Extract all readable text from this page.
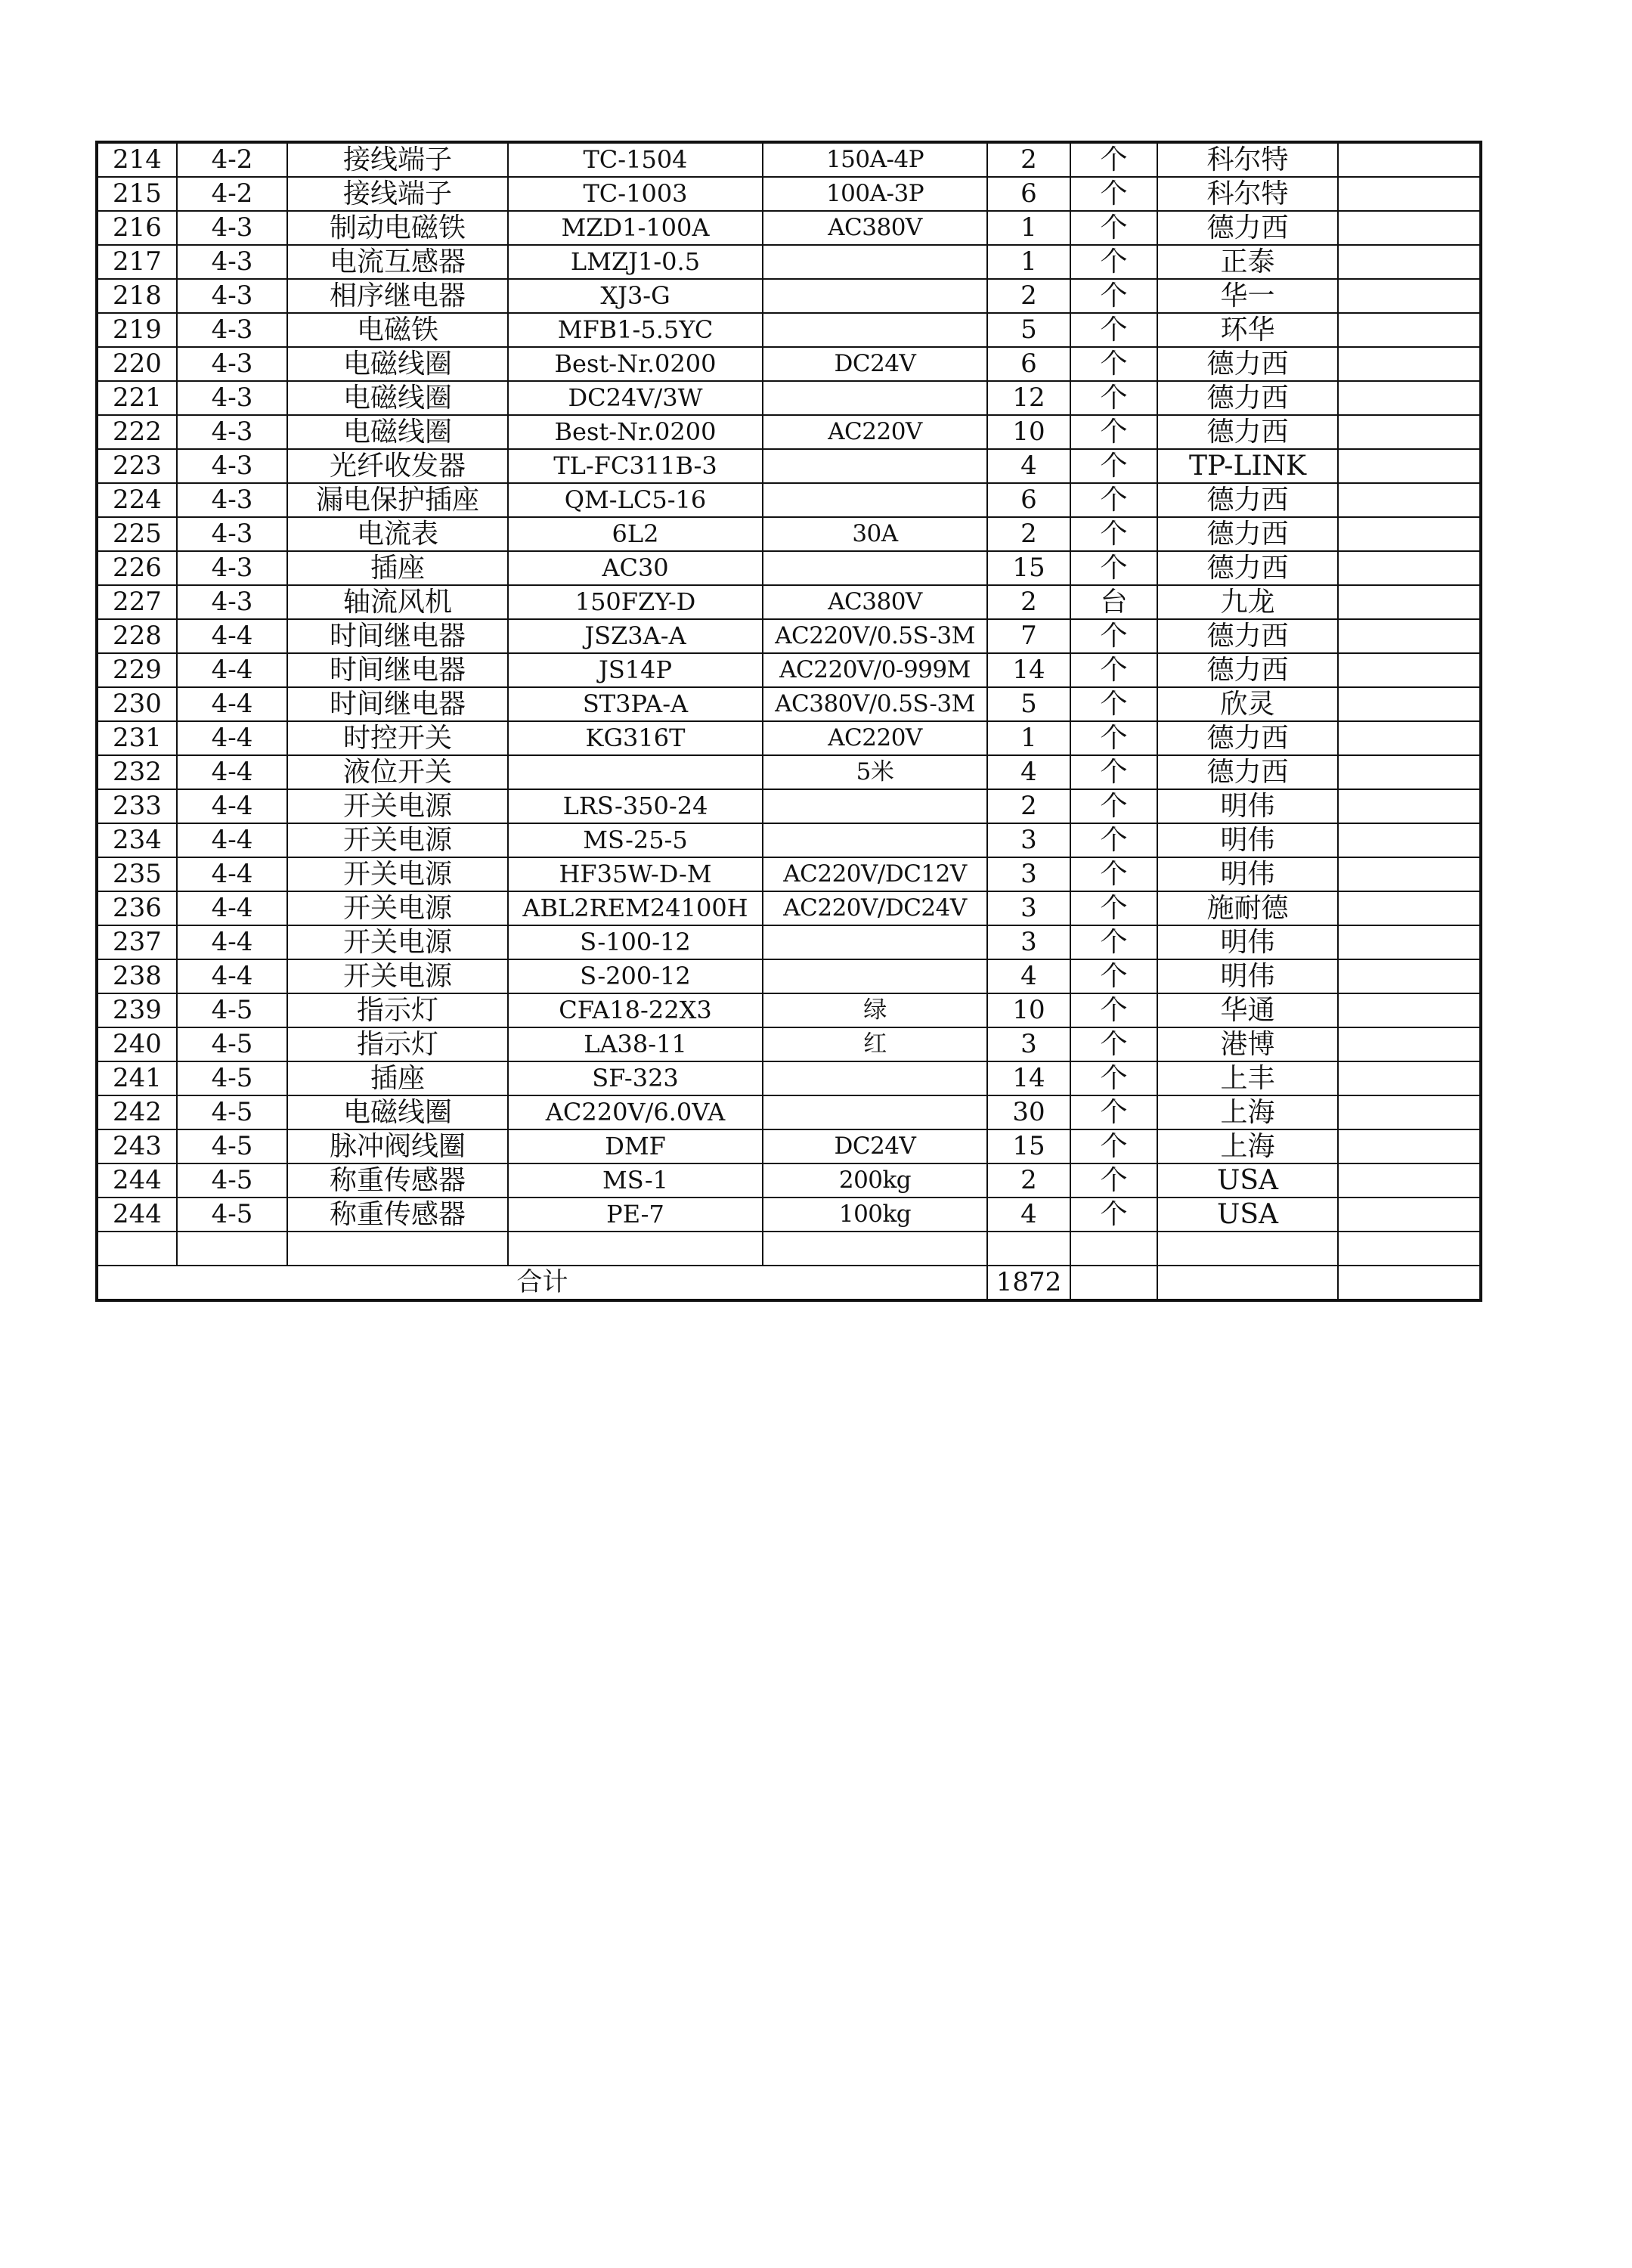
214	4-2	接线端子	TC-1504	150A-4P	2	个	科尔特	
215	4-2	接线端子	TC-1003	100A-3P	6	个	科尔特	
216	4-3	制动电磁铁	MZD1-100A	AC380V	1	个	德力西	
217	4-3	电流互感器	LMZJ1-0.5		1	个	正泰	
218	4-3	相序继电器	XJ3-G		2	个	华一	
219	4-3	电磁铁	MFB1-5.5YC		5	个	环华	
220	4-3	电磁线圈	Best-Nr.0200	DC24V	6	个	德力西	
221	4-3	电磁线圈	DC24V/3W		12	个	德力西	
222	4-3	电磁线圈	Best-Nr.0200	AC220V	10	个	德力西	
223	4-3	光纤收发器	TL-FC311B-3		4	个	TP-LINK	
224	4-3	漏电保护插座	QM-LC5-16		6	个	德力西	
225	4-3	电流表	6L2	30A	2	个	德力西	
226	4-3	插座	AC30		15	个	德力西	
227	4-3	轴流风机	150FZY-D	AC380V	2	台	九龙	
228	4-4	时间继电器	JSZ3A-A	AC220V/0.5S-3M	7	个	德力西	
229	4-4	时间继电器	JS14P	AC220V/0-999M	14	个	德力西	
230	4-4	时间继电器	ST3PA-A	AC380V/0.5S-3M	5	个	欣灵	
231	4-4	时控开关	KG316T	AC220V	1	个	德力西	
232	4-4	液位开关		5米	4	个	德力西	
233	4-4	开关电源	LRS-350-24		2	个	明伟	
234	4-4	开关电源	MS-25-5		3	个	明伟	
235	4-4	开关电源	HF35W-D-M	AC220V/DC12V	3	个	明伟	
236	4-4	开关电源	ABL2REM24100H	AC220V/DC24V	3	个	施耐德	
237	4-4	开关电源	S-100-12		3	个	明伟	
238	4-4	开关电源	S-200-12		4	个	明伟	
239	4-5	指示灯	CFA18-22X3	绿	10	个	华通	
240	4-5	指示灯	LA38-11	红	3	个	港博	
241	4-5	插座	SF-323		14	个	上丰	
242	4-5	电磁线圈	AC220V/6.0VA		30	个	上海	
243	4-5	脉冲阀线圈	DMF	DC24V	15	个	上海	
244	4-5	称重传感器	MS-1	200kg	2	个	USA	
244	4-5	称重传感器	PE-7	100kg	4	个	USA	

合计					1872			
